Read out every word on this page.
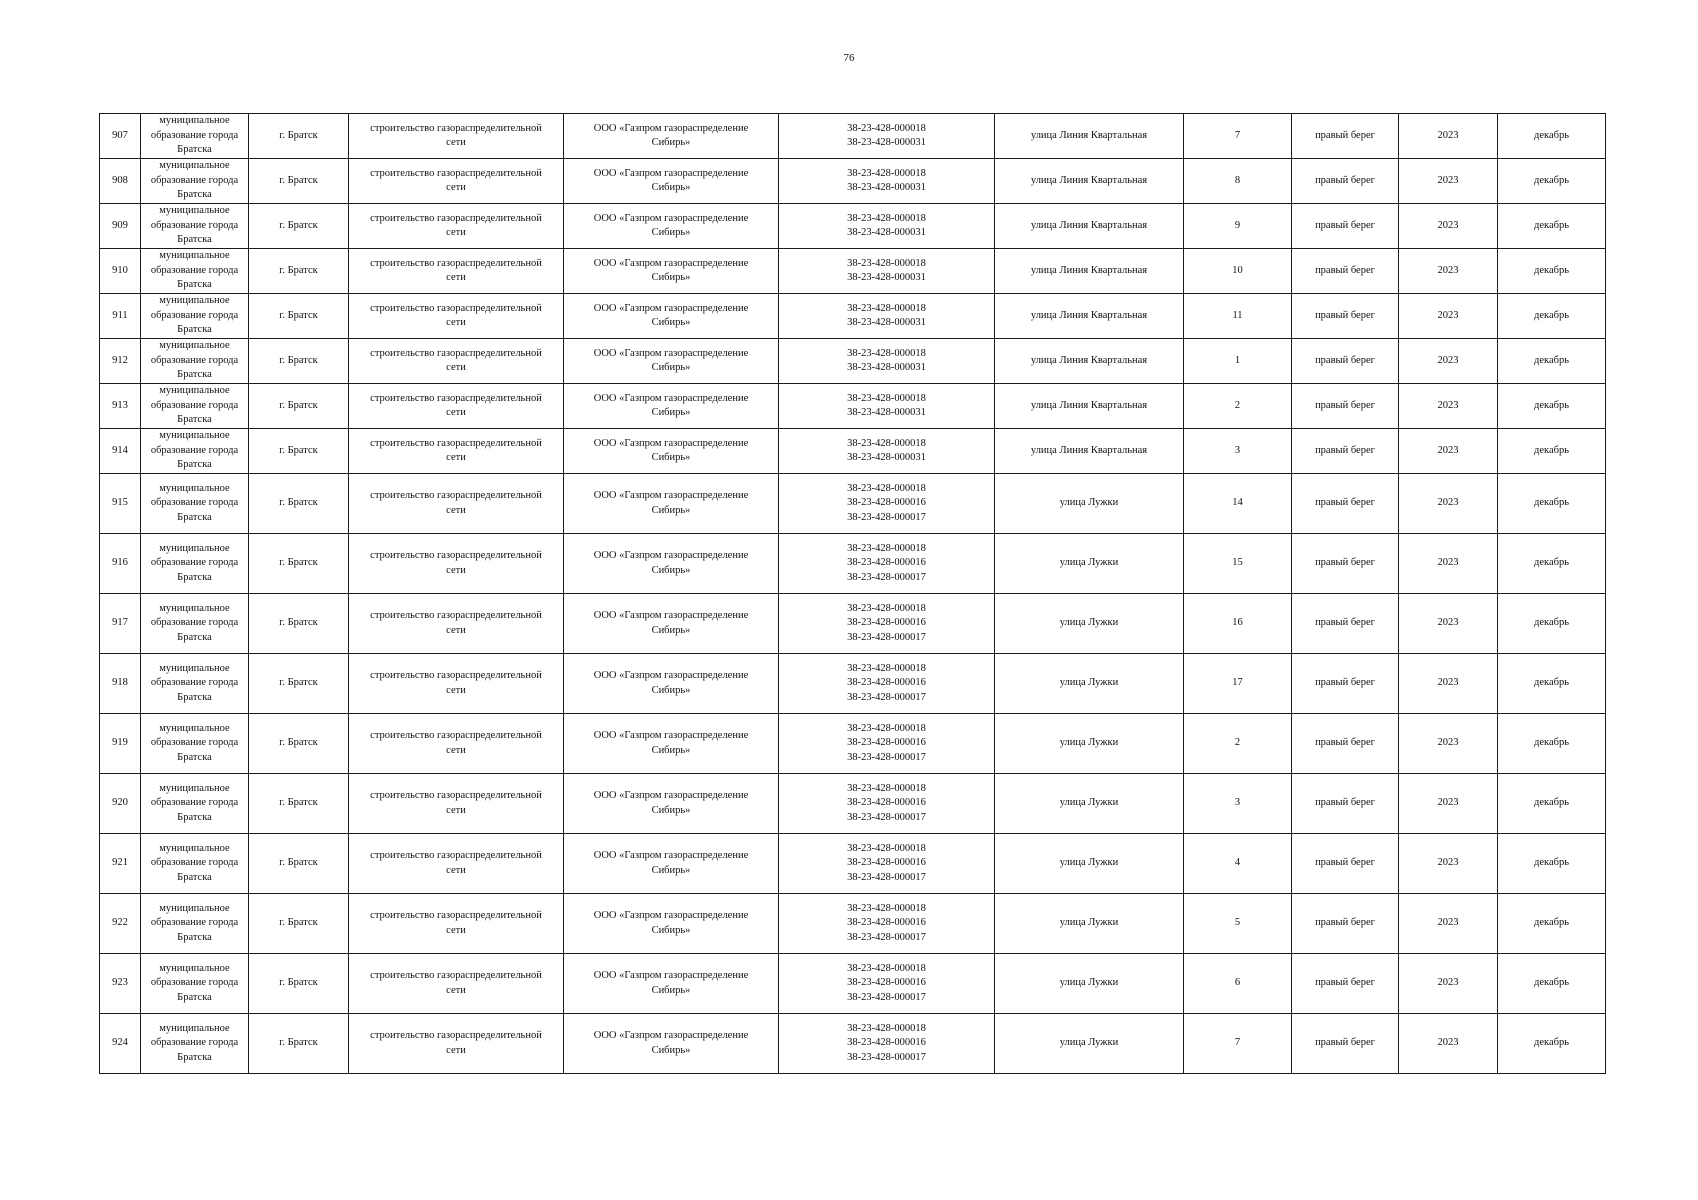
76
907	муниципальное
образование города
Братска	г. Братск	строительство газораспределительной
сети	ООО «Газпром газораспределение
Сибирь»	38-23-428-000018
38-23-428-000031	улица Линия Квартальная	7	правый берег	2023	декабрь
908	муниципальное
образование города
Братска	г. Братск	строительство газораспределительной
сети	ООО «Газпром газораспределение
Сибирь»	38-23-428-000018
38-23-428-000031	улица Линия Квартальная	8	правый берег	2023	декабрь
909	муниципальное
образование города
Братска	г. Братск	строительство газораспределительной
сети	ООО «Газпром газораспределение
Сибирь»	38-23-428-000018
38-23-428-000031	улица Линия Квартальная	9	правый берег	2023	декабрь
910	муниципальное
образование города
Братска	г. Братск	строительство газораспределительной
сети	ООО «Газпром газораспределение
Сибирь»	38-23-428-000018
38-23-428-000031	улица Линия Квартальная	10	правый берег	2023	декабрь
911	муниципальное
образование города
Братска	г. Братск	строительство газораспределительной
сети	ООО «Газпром газораспределение
Сибирь»	38-23-428-000018
38-23-428-000031	улица Линия Квартальная	11	правый берег	2023	декабрь
912	муниципальное
образование города
Братска	г. Братск	строительство газораспределительной
сети	ООО «Газпром газораспределение
Сибирь»	38-23-428-000018
38-23-428-000031	улица Линия Квартальная	1	правый берег	2023	декабрь
913	муниципальное
образование города
Братска	г. Братск	строительство газораспределительной
сети	ООО «Газпром газораспределение
Сибирь»	38-23-428-000018
38-23-428-000031	улица Линия Квартальная	2	правый берег	2023	декабрь
914	муниципальное
образование города
Братска	г. Братск	строительство газораспределительной
сети	ООО «Газпром газораспределение
Сибирь»	38-23-428-000018
38-23-428-000031	улица Линия Квартальная	3	правый берег	2023	декабрь
915	муниципальное
образование города
Братска	г. Братск	строительство газораспределительной
сети	ООО «Газпром газораспределение
Сибирь»	38-23-428-000018
38-23-428-000016
38-23-428-000017	улица Лужки	14	правый берег	2023	декабрь
916	муниципальное
образование города
Братска	г. Братск	строительство газораспределительной
сети	ООО «Газпром газораспределение
Сибирь»	38-23-428-000018
38-23-428-000016
38-23-428-000017	улица Лужки	15	правый берег	2023	декабрь
917	муниципальное
образование города
Братска	г. Братск	строительство газораспределительной
сети	ООО «Газпром газораспределение
Сибирь»	38-23-428-000018
38-23-428-000016
38-23-428-000017	улица Лужки	16	правый берег	2023	декабрь
918	муниципальное
образование города
Братска	г. Братск	строительство газораспределительной
сети	ООО «Газпром газораспределение
Сибирь»	38-23-428-000018
38-23-428-000016
38-23-428-000017	улица Лужки	17	правый берег	2023	декабрь
919	муниципальное
образование города
Братска	г. Братск	строительство газораспределительной
сети	ООО «Газпром газораспределение
Сибирь»	38-23-428-000018
38-23-428-000016
38-23-428-000017	улица Лужки	2	правый берег	2023	декабрь
920	муниципальное
образование города
Братска	г. Братск	строительство газораспределительной
сети	ООО «Газпром газораспределение
Сибирь»	38-23-428-000018
38-23-428-000016
38-23-428-000017	улица Лужки	3	правый берег	2023	декабрь
921	муниципальное
образование города
Братска	г. Братск	строительство газораспределительной
сети	ООО «Газпром газораспределение
Сибирь»	38-23-428-000018
38-23-428-000016
38-23-428-000017	улица Лужки	4	правый берег	2023	декабрь
922	муниципальное
образование города
Братска	г. Братск	строительство газораспределительной
сети	ООО «Газпром газораспределение
Сибирь»	38-23-428-000018
38-23-428-000016
38-23-428-000017	улица Лужки	5	правый берег	2023	декабрь
923	муниципальное
образование города
Братска	г. Братск	строительство газораспределительной
сети	ООО «Газпром газораспределение
Сибирь»	38-23-428-000018
38-23-428-000016
38-23-428-000017	улица Лужки	6	правый берег	2023	декабрь
924	муниципальное
образование города
Братска	г. Братск	строительство газораспределительной
сети	ООО «Газпром газораспределение
Сибирь»	38-23-428-000018
38-23-428-000016
38-23-428-000017	улица Лужки	7	правый берег	2023	декабрь
